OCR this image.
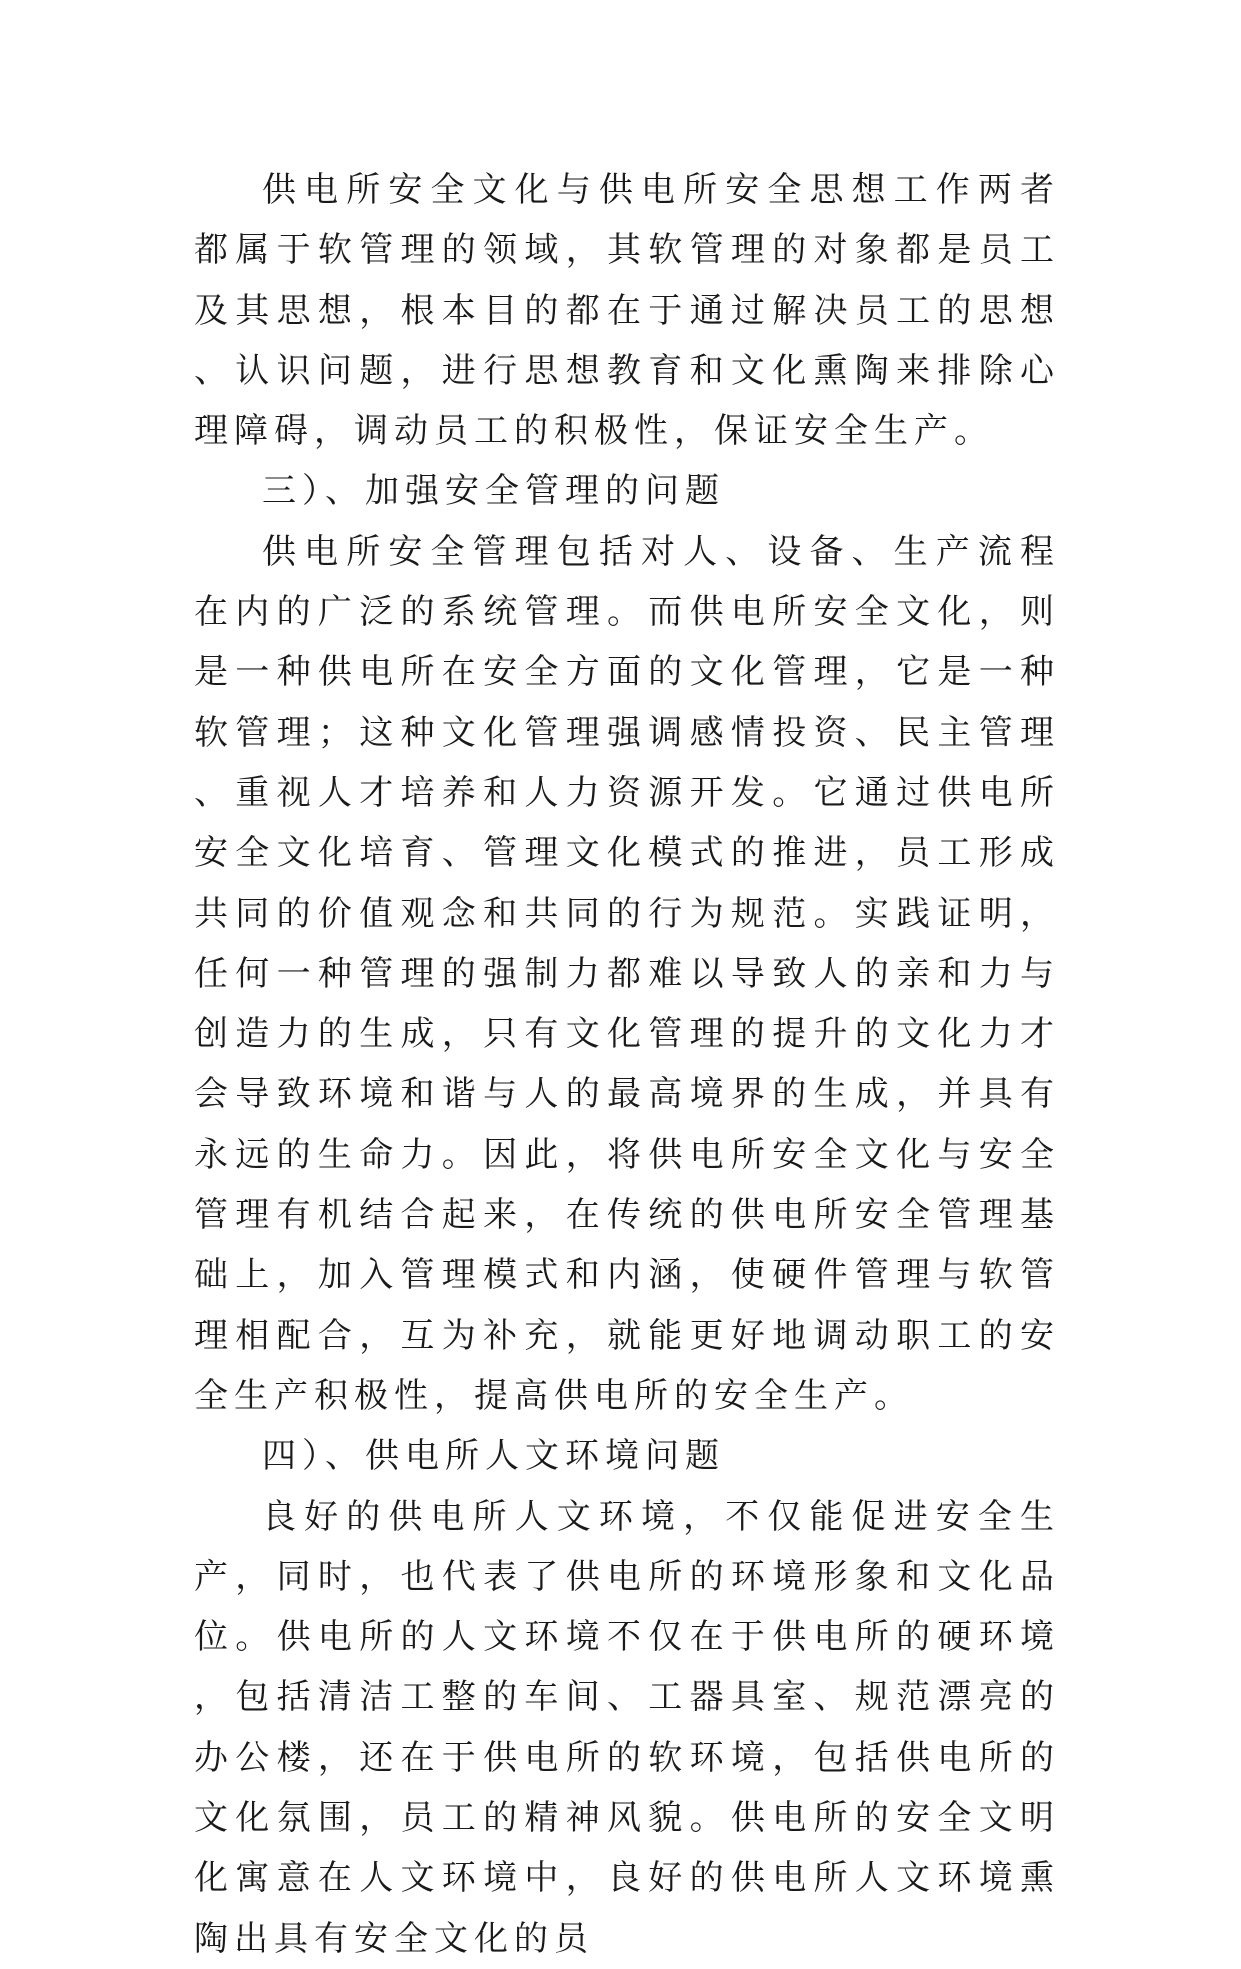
供电所安全文化与供电所安全思想工作两者都属于软管理的领域，其软管理的对象都是员工及其思想，根本目的都在于通过解决员工的思想、认识问题，进行思想教育和文化熏陶来排除心理障碍，调动员工的积极性，保证安全生产。

三）、加强安全管理的问题

供电所安全管理包括对人、设备、生产流程在内的广泛的系统管理。而供电所安全文化，则是一种供电所在安全方面的文化管理，它是一种软管理；这种文化管理强调感情投资、民主管理、重视人才培养和人力资源开发。它通过供电所安全文化培育、管理文化模式的推进，员工形成共同的价值观念和共同的行为规范。实践证明，任何一种管理的强制力都难以导致人的亲和力与创造力的生成，只有文化管理的提升的文化力才会导致环境和谐与人的最高境界的生成，并具有永远的生命力。因此，将供电所安全文化与安全管理有机结合起来，在传统的供电所安全管理基础上，加入管理模式和内涵，使硬件管理与软管理相配合，互为补充，就能更好地调动职工的安全生产积极性，提高供电所的安全生产。

四）、供电所人文环境问题

良好的供电所人文环境，不仅能促进安全生产，同时，也代表了供电所的环境形象和文化品位。供电所的人文环境不仅在于供电所的硬环境，包括清洁工整的车间、工器具室、规范漂亮的办公楼，还在于供电所的软环境，包括供电所的文化氛围，员工的精神风貌。供电所的安全文明化寓意在人文环境中，良好的供电所人文环境熏陶出具有安全文化的员
